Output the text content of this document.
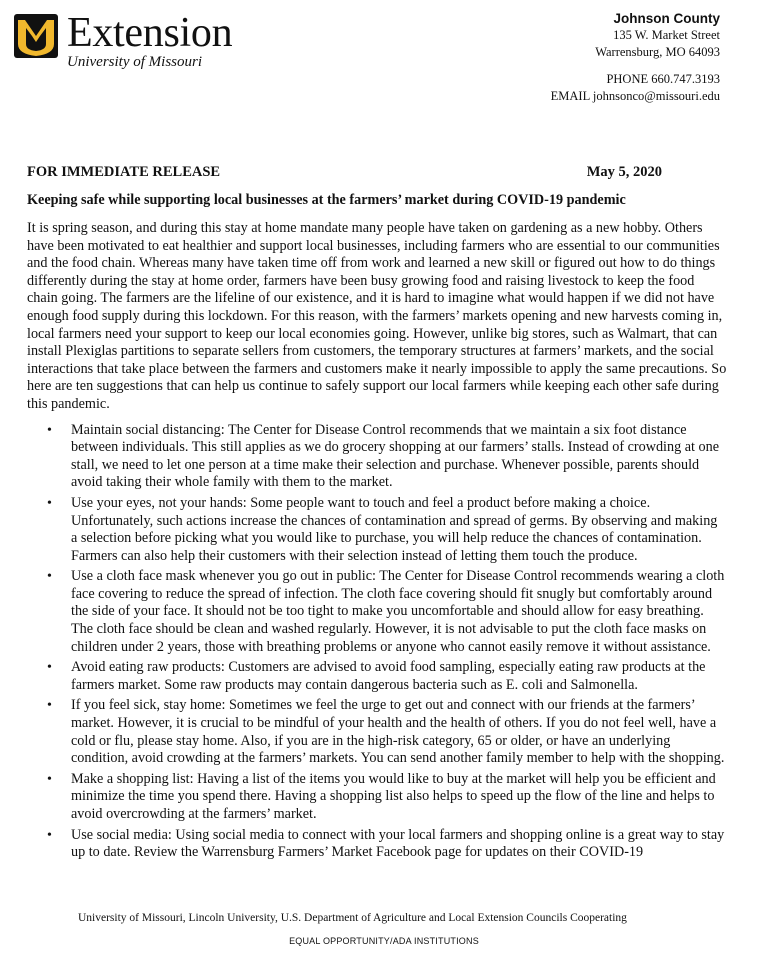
Extension
University of Missouri
Johnson County
135 W. Market Street
Warrensburg, MO 64093
PHONE 660.747.3193
EMAIL johnsonco@missouri.edu
FOR IMMEDIATE RELEASE	May 5, 2020
Keeping safe while supporting local businesses at the farmers’ market during COVID-19 pandemic

It is spring season, and during this stay at home mandate many people have taken on gardening as a new hobby. Others have been motivated to eat healthier and support local businesses, including farmers who are essential to our communities and the food chain. Whereas many have taken time off from work and learned a new skill or figured out how to do things differently during the stay at home order, farmers have been busy growing food and raising livestock to keep the food chain going. The farmers are the lifeline of our existence, and it is hard to imagine what would happen if we did not have enough food supply during this lockdown. For this reason, with the farmers’ markets opening and new harvests coming in, local farmers need your support to keep our local economies going. However, unlike big stores, such as Walmart, that can install Plexiglas partitions to separate sellers from customers, the temporary structures at farmers’ markets, and the social interactions that take place between the farmers and customers make it nearly impossible to apply the same precautions. So here are ten suggestions that can help us continue to safely support our local farmers while keeping each other safe during this pandemic.

• Maintain social distancing: The Center for Disease Control recommends that we maintain a six foot distance between individuals. This still applies as we do grocery shopping at our farmers’ stalls. Instead of crowding at one stall, we need to let one person at a time make their selection and purchase. Whenever possible, parents should avoid taking their whole family with them to the market.
• Use your eyes, not your hands: Some people want to touch and feel a product before making a choice. Unfortunately, such actions increase the chances of contamination and spread of germs. By observing and making a selection before picking what you would like to purchase, you will help reduce the chances of contamination. Farmers can also help their customers with their selection instead of letting them touch the produce.
• Use a cloth face mask whenever you go out in public: The Center for Disease Control recommends wearing a cloth face covering to reduce the spread of infection. The cloth face covering should fit snugly but comfortably around the side of your face. It should not be too tight to make you uncomfortable and should allow for easy breathing. The cloth face should be clean and washed regularly. However, it is not advisable to put the cloth face masks on children under 2 years, those with breathing problems or anyone who cannot easily remove it without assistance.
• Avoid eating raw products: Customers are advised to avoid food sampling, especially eating raw products at the farmers market. Some raw products may contain dangerous bacteria such as E. coli and Salmonella.
• If you feel sick, stay home: Sometimes we feel the urge to get out and connect with our friends at the farmers’ market. However, it is crucial to be mindful of your health and the health of others. If you do not feel well, have a cold or flu, please stay home. Also, if you are in the high-risk category, 65 or older, or have an underlying condition, avoid crowding at the farmers’ markets. You can send another family member to help with the shopping.
• Make a shopping list: Having a list of the items you would like to buy at the market will help you be efficient and minimize the time you spend there. Having a shopping list also helps to speed up the flow of the line and helps to avoid overcrowding at the farmers’ market.
• Use social media: Using social media to connect with your local farmers and shopping online is a great way to stay up to date. Review the Warrensburg Farmers’ Market Facebook page for updates on their COVID-19
University of Missouri, Lincoln University, U.S. Department of Agriculture and Local Extension Councils Cooperating
EQUAL OPPORTUNITY/ADA INSTITUTIONS
